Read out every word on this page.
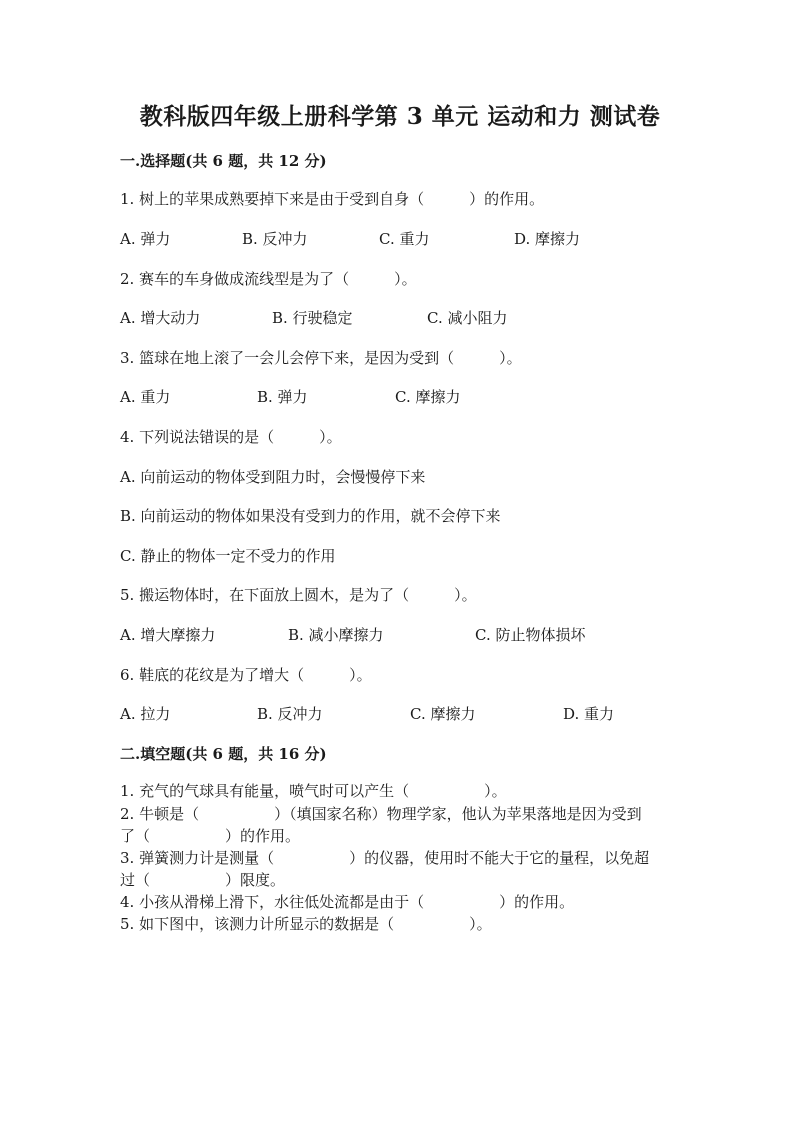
教科版四年级上册科学第 3 单元 运动和力 测试卷
一.选择题(共 6 题，共 12 分)
1. 树上的苹果成熟要掉下来是由于受到自身（　　　）的作用。
A. 弹力	B. 反冲力	C. 重力	D. 摩擦力
2. 赛车的车身做成流线型是为了（　　　）。
A. 增大动力	B. 行驶稳定	C. 减小阻力
3. 篮球在地上滚了一会儿会停下来，是因为受到（　　　）。
A. 重力	B. 弹力	C. 摩擦力
4. 下列说法错误的是（　　　）。
A. 向前运动的物体受到阻力时，会慢慢停下来
B. 向前运动的物体如果没有受到力的作用，就不会停下来
C. 静止的物体一定不受力的作用
5. 搬运物体时，在下面放上圆木，是为了（　　　）。
A. 增大摩擦力	B. 减小摩擦力	C. 防止物体损坏
6. 鞋底的花纹是为了增大（　　　）。
A. 拉力	B. 反冲力	C. 摩擦力	D. 重力
二.填空题(共 6 题，共 16 分)
1. 充气的气球具有能量，喷气时可以产生（　　　　　）。
2. 牛顿是（　　　　　）（填国家名称）物理学家，他认为苹果落地是因为受到
了（　　　　　）的作用。
3. 弹簧测力计是测量（　　　　　）的仪器，使用时不能大于它的量程，以免超
过（　　　　　）限度。
4. 小孩从滑梯上滑下，水往低处流都是由于（　　　　　）的作用。
5. 如下图中，该测力计所显示的数据是（　　　　　）。
